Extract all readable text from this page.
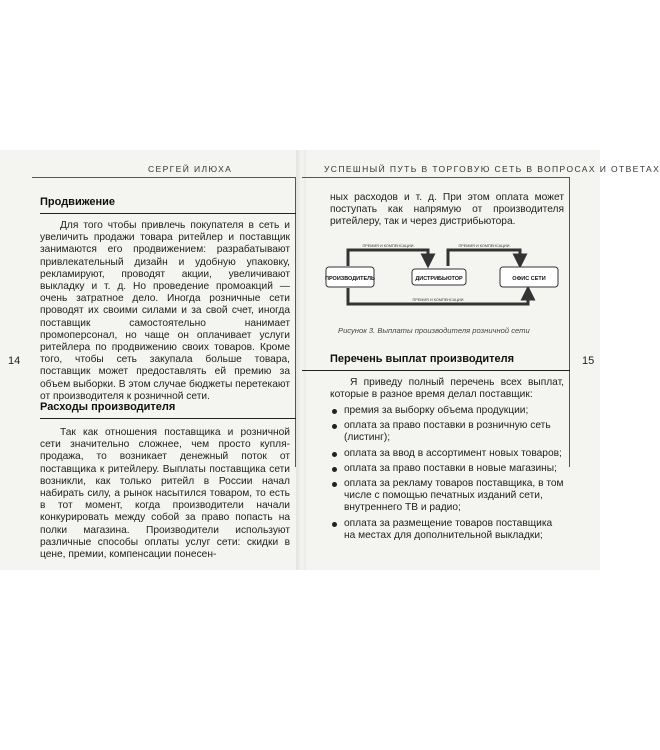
СЕРГЕЙ ИЛЮХА
Продвижение

Для того чтобы привлечь покупателя в сеть и увеличить продажи товара ритейлер и поставщик занимаются его продвижением: разрабатывают привлекательный дизайн и удобную упаковку, рекламируют, проводят акции, увеличивают выкладку и т. д. Но проведение промоакций — очень затратное дело. Иногда розничные сети проводят их своими силами и за свой счет, иногда поставщик самостоятельно нанимает промоперсонал, но чаще он оплачивает услуги ритейлера по продвижению своих товаров. Кроме того, чтобы сеть закупала больше товара, поставщик может предоставлять ей премию за объем выборки. В этом случае бюджеты перетекают от производителя к розничной сети.

Расходы производителя

Так как отношения поставщика и розничной сети значительно сложнее, чем просто купля-продажа, то возникает денежный поток от поставщика к ритейлеру. Выплаты поставщика сети возникли, как только ритейл в России начал набирать силу, а рынок насытился товаром, то есть в тот момент, когда производители начали конкурировать между собой за право попасть на полки магазина. Производители используют различные способы оплаты услуг сети: скидки в цене, премии, компенсации понесен-

14
УСПЕШНЫЙ ПУТЬ В ТОРГОВУЮ СЕТЬ В ВОПРОСАХ И ОТВЕТАХ

ных расходов и т. д. При этом оплата может поступать как напрямую от производителя ритейлеру, так и через дистрибьютора.

ПРОИЗВОДИТЕЛЬ	ДИСТРИБЬЮТОР	ОФИС СЕТИ
ПРЕМИЯ И КОМПЕНСАЦИИ	ПРЕМИЯ И КОМПЕНСАЦИИ
ПРЕМИЯ И КОМПЕНСАЦИИ
Рисунок 3. Выплаты производителя розничной сети
Перечень выплат производителя

Я приведу полный перечень всех выплат, которые в разное время делал поставщик:

премия за выборку объема продукции;
оплата за право поставки в розничную сеть (листинг);
оплата за ввод в ассортимент новых товаров;
оплата за право поставки в новые магазины;
оплата за рекламу товаров поставщика, в том числе с помощью печатных изданий сети, внутреннего ТВ и радио;
оплата за размещение товаров поставщика на местах для дополнительной выкладки;
15
